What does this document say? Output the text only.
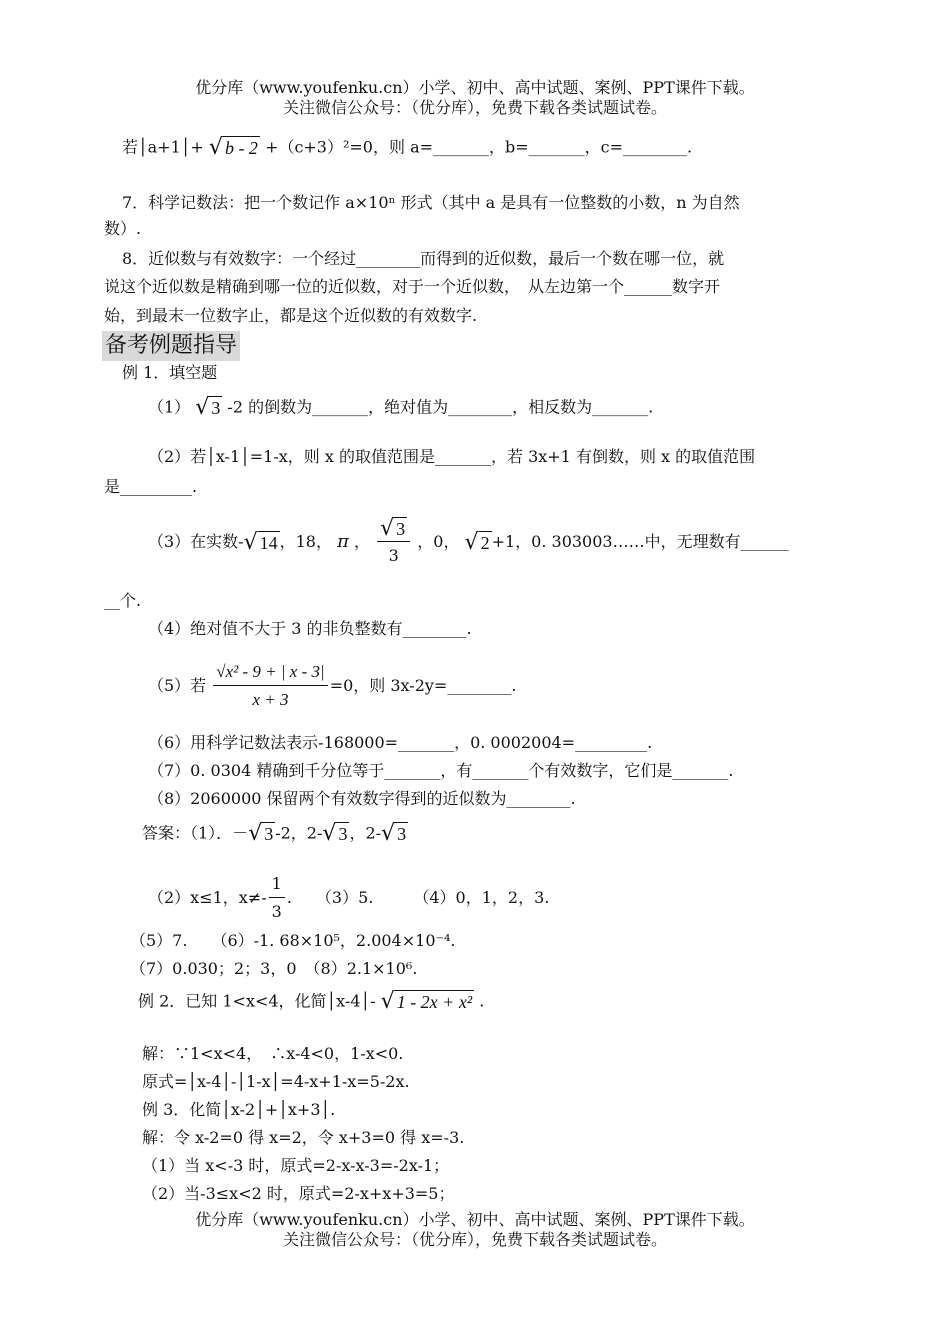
优分库（www.youfenku.cn）小学、初中、高中试题、案例、PPT课件下载。
关注微信公众号：（优分库），免费下载各类试题试卷。
若│a+1│+ √ b - 2 +（c+3）²=0，则 a=_______，b=_______，c=________.
7．科学记数法：把一个数记作 a×10ⁿ 形式（其中 a 是具有一位整数的小数，n 为自然
数）.
8．近似数与有效数字：一个经过________而得到的近似数，最后一个数在哪一位，就
说这个近似数是精确到哪一位的近似数，对于一个近似数，　从左边第一个______数字开
始，到最末一位数字止，都是这个近似数的有效数字.
备考例题指导
例 1．填空题
（1） √ 3 -2 的倒数为_______，绝对值为________，相反数为_______.
（2）若│x-1│=1-x，则 x 的取值范围是_______，若 3x+1 有倒数，则 x 的取值范围
是_________.
（3）在实数- √ 14 ，18， π ， $\frac{√ 3}{3}$ ，0， √ 2 +1，0. 303003……中，无理数有______
__个.
（4）绝对值不大于 3 的非负整数有________.
（5）若 $\frac{\text{√x² - 9 + | x - 3|}}{x + 3} =0$，则 3x-2y=________.
（6）用科学记数法表示-168000=_______，0. 0002004=_________.
（7）0. 0304 精确到千分位等于_______，有_______个有效数字，它们是_______.
（8）2060000 保留两个有效数字得到的近似数为________.
答案：（1）．－ √ 3 -2，2- √ 3 ，2- √ 3
（2）x≤1，$x\ne- \frac{1}{3}$ .　　（3）5.　　　（4）0，1，2，3.
（5）7.　　（6）-1. 68×10⁵，2.004×10⁻⁴.
（7）0.030；2；3，0　（8）2.1×10⁶.
例 2．已知 1<x<4，化简│x-4│- √ 1 - 2x + x² .
解：∵1<x<4，　∴x-4<0，1-x<0.
原式=│x-4│-│1-x│=4-x+1-x=5-2x.
例 3．化简│x-2│+│x+3│.
解：令 x-2=0 得 x=2，令 x+3=0 得 x=-3.
（1）当 x<-3 时，原式=2-x-x-3=-2x-1；
（2）当-3≤x<2 时，原式=2-x+x+3=5；
优分库（www.youfenku.cn）小学、初中、高中试题、案例、PPT课件下载。
关注微信公众号：（优分库），免费下载各类试题试卷。
